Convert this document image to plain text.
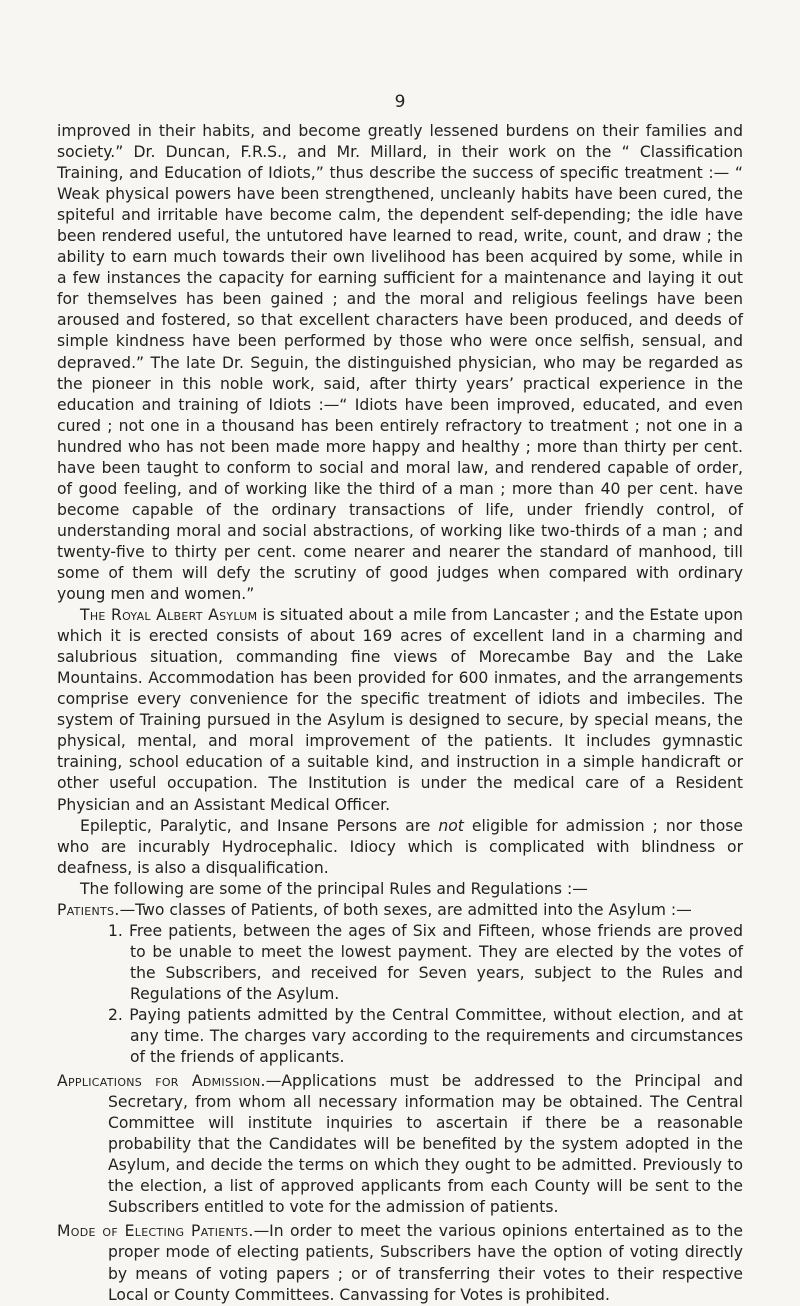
9

improved in their habits, and become greatly lessened burdens on their families and society.” Dr. Duncan, F.R.S., and Mr. Millard, in their work on the “ Classification Training, and Education of Idiots,” thus describe the success of specific treatment :— “ Weak physical powers have been strengthened, uncleanly habits have been cured, the spiteful and irritable have become calm, the dependent self-depending; the idle have been rendered useful, the untutored have learned to read, write, count, and draw ; the ability to earn much towards their own livelihood has been acquired by some, while in a few instances the capacity for earning sufficient for a maintenance and laying it out for themselves has been gained ; and the moral and religious feelings have been aroused and fostered, so that excellent characters have been produced, and deeds of simple kindness have been performed by those who were once selfish, sensual, and depraved.” The late Dr. Seguin, the distinguished physician, who may be regarded as the pioneer in this noble work, said, after thirty years’ practical experience in the education and training of Idiots :—“ Idiots have been improved, educated, and even cured ; not one in a thousand has been entirely refractory to treatment ; not one in a hundred who has not been made more happy and healthy ; more than thirty per cent. have been taught to conform to social and moral law, and rendered capable of order, of good feeling, and of working like the third of a man ; more than 40 per cent. have become capable of the ordinary transactions of life, under friendly control, of understanding moral and social abstractions, of working like two-thirds of a man ; and twenty-five to thirty per cent. come nearer and nearer the standard of manhood, till some of them will defy the scrutiny of good judges when compared with ordinary young men and women.”

The Royal Albert Asylum is situated about a mile from Lancaster ; and the Estate upon which it is erected consists of about 169 acres of excellent land in a charming and salubrious situation, commanding fine views of Morecambe Bay and the Lake Mountains. Accommodation has been provided for 600 inmates, and the arrangements comprise every convenience for the specific treatment of idiots and imbeciles. The system of Training pursued in the Asylum is designed to secure, by special means, the physical, mental, and moral improvement of the patients. It includes gymnastic training, school education of a suitable kind, and instruction in a simple handicraft or other useful occupation. The Institution is under the medical care of a Resident Physician and an Assistant Medical Officer.

Epileptic, Paralytic, and Insane Persons are not eligible for admission ; nor those who are incurably Hydrocephalic. Idiocy which is complicated with blindness or deafness, is also a disqualification.

The following are some of the principal Rules and Regulations :—

Patients.—Two classes of Patients, of both sexes, are admitted into the Asylum :—

1. Free patients, between the ages of Six and Fifteen, whose friends are proved to be unable to meet the lowest payment. They are elected by the votes of the Subscribers, and received for Seven years, subject to the Rules and Regulations of the Asylum.
2. Paying patients admitted by the Central Committee, without election, and at any time. The charges vary according to the requirements and circumstances of the friends of applicants.

Applications for Admission.—Applications must be addressed to the Principal and Secretary, from whom all necessary information may be obtained. The Central Committee will institute inquiries to ascertain if there be a reasonable probability that the Candidates will be benefited by the system adopted in the Asylum, and decide the terms on which they ought to be admitted. Previously to the election, a list of approved applicants from each County will be sent to the Subscribers entitled to vote for the admission of patients.

Mode of Electing Patients.—In order to meet the various opinions entertained as to the proper mode of electing patients, Subscribers have the option of voting directly by means of voting papers ; or of transferring their votes to their respective Local or County Committees. Canvassing for Votes is prohibited.
